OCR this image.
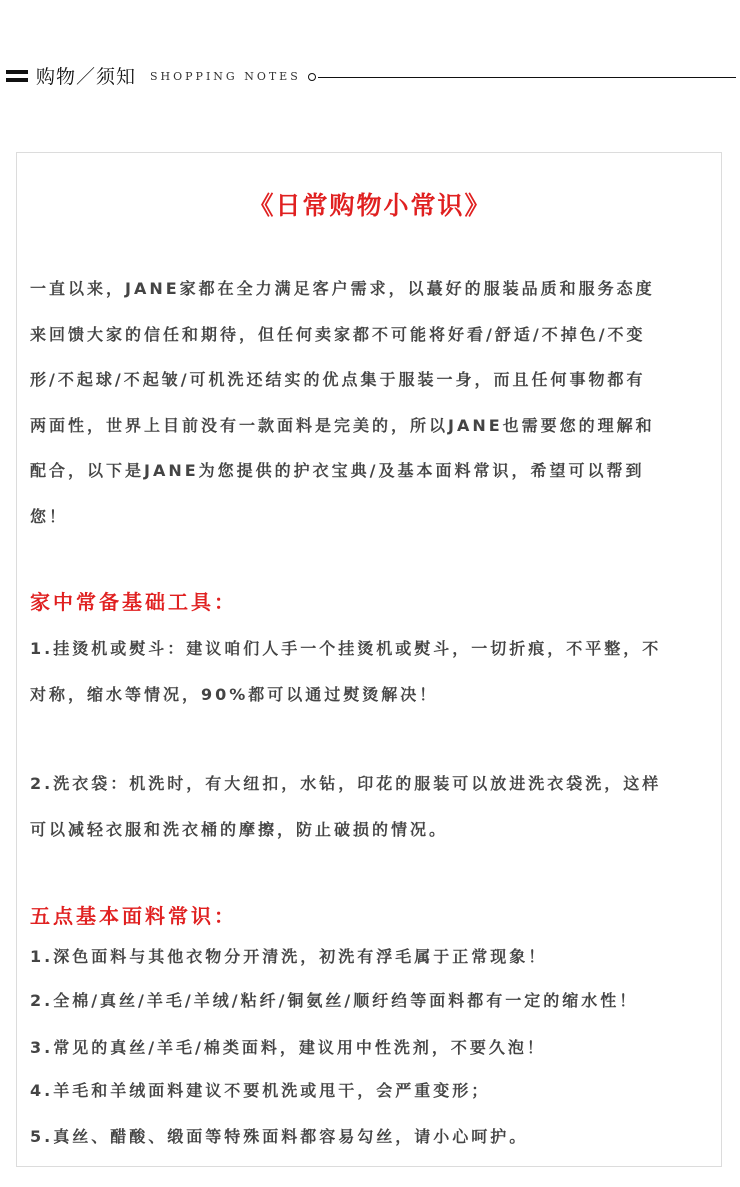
购物／须知 SHOPPING NOTES
《日常购物小常识》
一直以来，JANE家都在全力满足客户需求，以蕞好的服装品质和服务态度
来回馈大家的信任和期待，但任何卖家都不可能将好看/舒适/不掉色/不变
形/不起球/不起皱/可机洗还结实的优点集于服装一身，而且任何事物都有
两面性，世界上目前没有一款面料是完美的，所以JANE也需要您的理解和
配合，以下是JANE为您提供的护衣宝典/及基本面料常识，希望可以帮到
您！
家中常备基础工具：
1.挂烫机或熨斗：建议咱们人手一个挂烫机或熨斗，一切折痕，不平整，不
对称，缩水等情况，90%都可以通过熨烫解决！
2.洗衣袋：机洗时，有大纽扣，水钻，印花的服装可以放进洗衣袋洗，这样
可以减轻衣服和洗衣桶的摩擦，防止破损的情况。
五点基本面料常识：
1.深色面料与其他衣物分开清洗，初洗有浮毛属于正常现象！
2.全棉/真丝/羊毛/羊绒/粘纤/铜氨丝/顺纡绉等面料都有一定的缩水性！
3.常见的真丝/羊毛/棉类面料，建议用中性洗剂，不要久泡！
4.羊毛和羊绒面料建议不要机洗或甩干，会严重变形；
5.真丝、醋酸、缎面等特殊面料都容易勾丝，请小心呵护。
